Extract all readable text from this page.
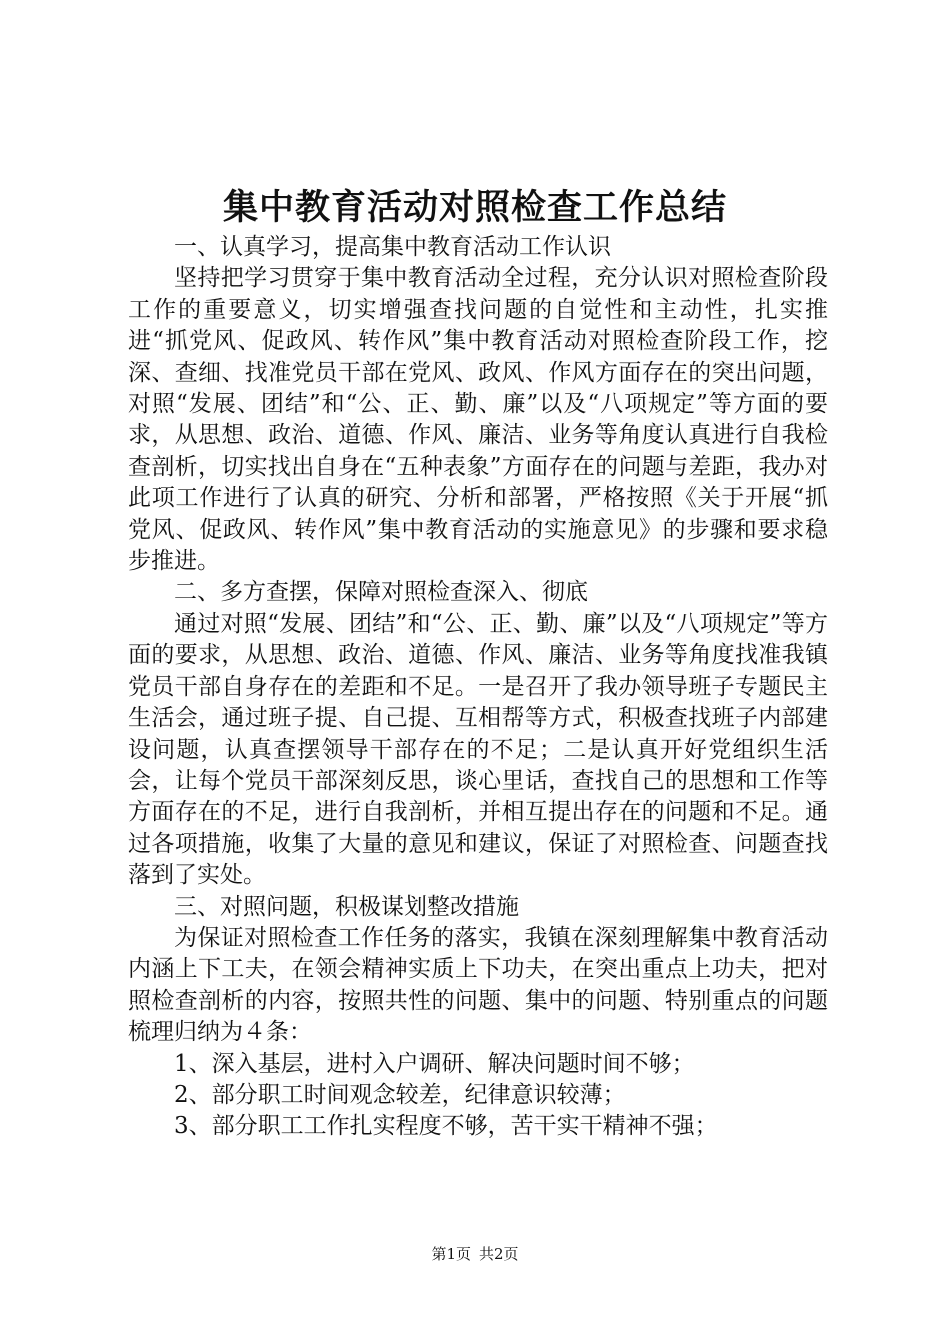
集中教育活动对照检查工作总结

一、认真学习，提高集中教育活动工作认识

坚持把学习贯穿于集中教育活动全过程，充分认识对照检查阶段工作的重要意义，切实增强查找问题的自觉性和主动性，扎实推进“抓党风、促政风、转作风”集中教育活动对照检查阶段工作，挖深、查细、找准党员干部在党风、政风、作风方面存在的突出问题，对照“发展、团结”和“公、正、勤、廉”以及“八项规定”等方面的要求，从思想、政治、道德、作风、廉洁、业务等角度认真进行自我检查剖析，切实找出自身在“五种表象”方面存在的问题与差距，我办对此项工作进行了认真的研究、分析和部署，严格按照《关于开展“抓党风、促政风、转作风”集中教育活动的实施意见》的步骤和要求稳步推进。

二、多方查摆，保障对照检查深入、彻底

通过对照“发展、团结”和“公、正、勤、廉”以及“八项规定”等方面的要求，从思想、政治、道德、作风、廉洁、业务等角度找准我镇党员干部自身存在的差距和不足。一是召开了我办领导班子专题民主生活会，通过班子提、自己提、互相帮等方式，积极查找班子内部建设问题，认真查摆领导干部存在的不足；二是认真开好党组织生活会，让每个党员干部深刻反思，谈心里话，查找自己的思想和工作等方面存在的不足，进行自我剖析，并相互提出存在的问题和不足。通过各项措施，收集了大量的意见和建议，保证了对照检查、问题查找落到了实处。

三、对照问题，积极谋划整改措施

为保证对照检查工作任务的落实，我镇在深刻理解集中教育活动内涵上下工夫，在领会精神实质上下功夫，在突出重点上功夫，把对照检查剖析的内容，按照共性的问题、集中的问题、特别重点的问题梳理归纳为４条：

1、深入基层，进村入户调研、解决问题时间不够；

2、部分职工时间观念较差，纪律意识较薄；

3、部分职工工作扎实程度不够，苦干实干精神不强；

第1页 共2页
